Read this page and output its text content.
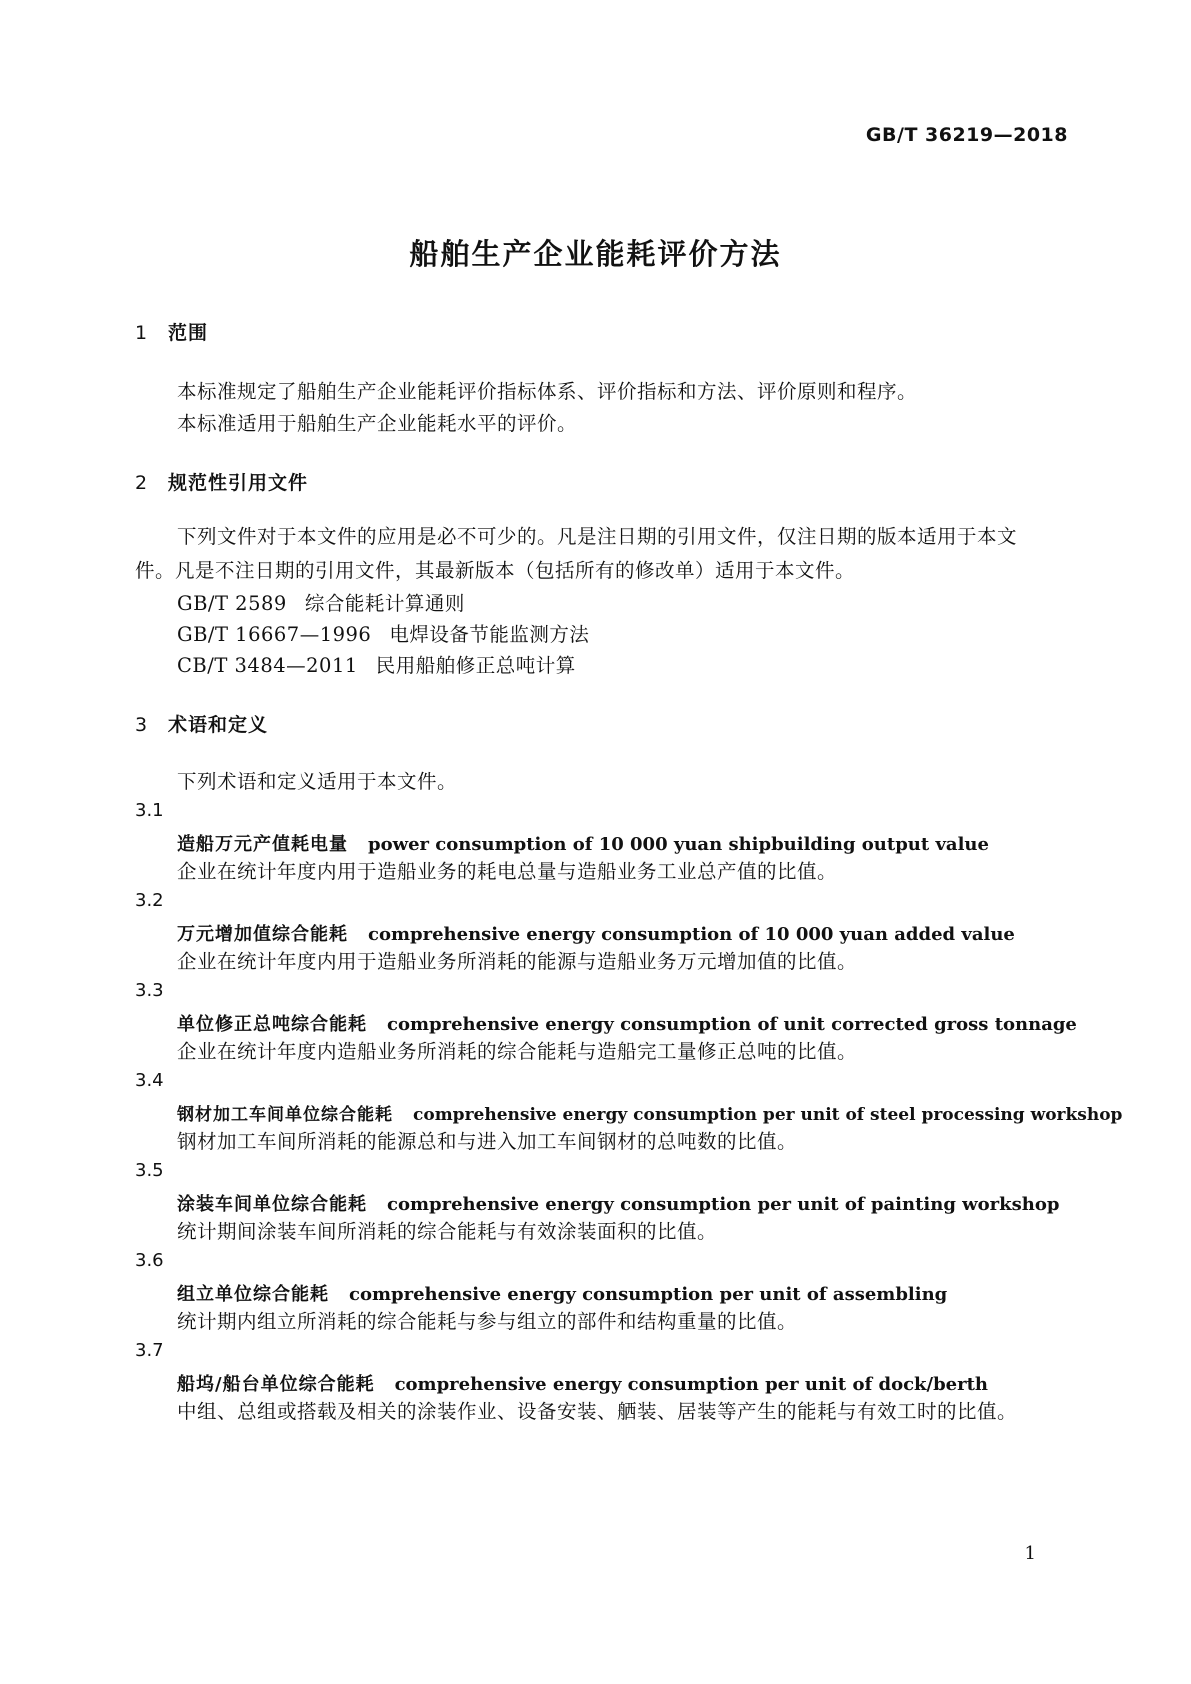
GB/T 36219—2018
船舶生产企业能耗评价方法
1 范围
本标准规定了船舶生产企业能耗评价指标体系、评价指标和方法、评价原则和程序。
本标准适用于船舶生产企业能耗水平的评价。
2 规范性引用文件
下列文件对于本文件的应用是必不可少的。凡是注日期的引用文件，仅注日期的版本适用于本文件。凡是不注日期的引用文件，其最新版本（包括所有的修改单）适用于本文件。
GB/T 2589 综合能耗计算通则
GB/T 16667—1996 电焊设备节能监测方法
CB/T 3484—2011 民用船舶修正总吨计算
3 术语和定义
下列术语和定义适用于本文件。
3.1
造船万元产值耗电量 power consumption of 10 000 yuan shipbuilding output value
企业在统计年度内用于造船业务的耗电总量与造船业务工业总产值的比值。
3.2
万元增加值综合能耗 comprehensive energy consumption of 10 000 yuan added value
企业在统计年度内用于造船业务所消耗的能源与造船业务万元增加值的比值。
3.3
单位修正总吨综合能耗 comprehensive energy consumption of unit corrected gross tonnage
企业在统计年度内造船业务所消耗的综合能耗与造船完工量修正总吨的比值。
3.4
钢材加工车间单位综合能耗 comprehensive energy consumption per unit of steel processing workshop
钢材加工车间所消耗的能源总和与进入加工车间钢材的总吨数的比值。
3.5
涂装车间单位综合能耗 comprehensive energy consumption per unit of painting workshop
统计期间涂装车间所消耗的综合能耗与有效涂装面积的比值。
3.6
组立单位综合能耗 comprehensive energy consumption per unit of assembling
统计期内组立所消耗的综合能耗与参与组立的部件和结构重量的比值。
3.7
船坞/船台单位综合能耗 comprehensive energy consumption per unit of dock/berth
中组、总组或搭载及相关的涂装作业、设备安装、舾装、居装等产生的能耗与有效工时的比值。
1
